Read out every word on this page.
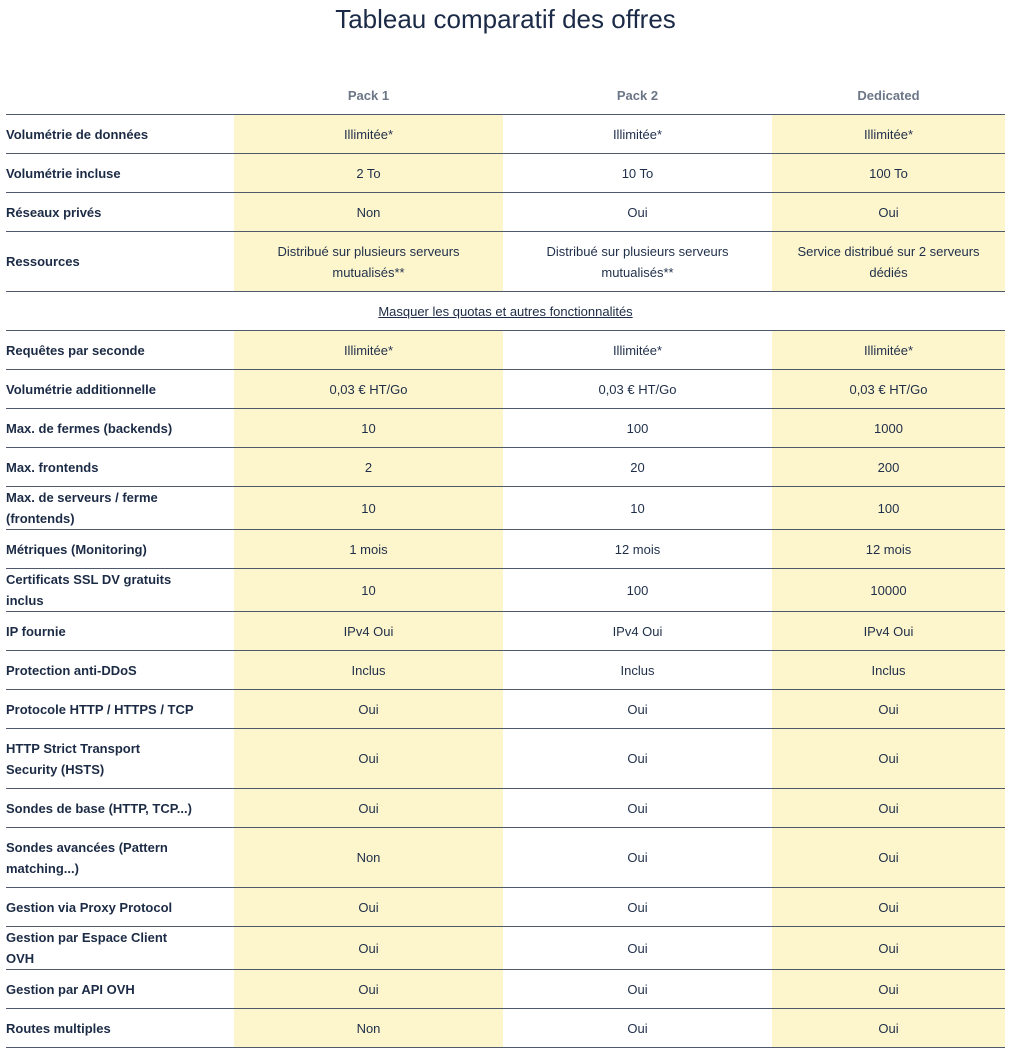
Tableau comparatif des offres
	Pack 1	Pack 2	Dedicated
Volumétrie de données	Illimitée*	Illimitée*	Illimitée*
Volumétrie incluse	2 To	10 To	100 To
Réseaux privés	Non	Oui	Oui
Ressources	Distribué sur plusieurs serveurs mutualisés**	Distribué sur plusieurs serveurs mutualisés**	Service distribué sur 2 serveurs dédiés
Masquer les quotas et autres fonctionnalités			
Requêtes par seconde	Illimitée*	Illimitée*	Illimitée*
Volumétrie additionnelle	0,03 € HT/Go	0,03 € HT/Go	0,03 € HT/Go
Max. de fermes (backends)	10	100	1000
Max. frontends	2	20	200
Max. de serveurs / ferme (frontends)	10	10	100
Métriques (Monitoring)	1 mois	12 mois	12 mois
Certificats SSL DV gratuits inclus	10	100	10000
IP fournie	IPv4 Oui	IPv4 Oui	IPv4 Oui
Protection anti-DDoS	Inclus	Inclus	Inclus
Protocole HTTP / HTTPS / TCP	Oui	Oui	Oui
HTTP Strict Transport Security (HSTS)	Oui	Oui	Oui
Sondes de base (HTTP, TCP...)	Oui	Oui	Oui
Sondes avancées (Pattern matching...)	Non	Oui	Oui
Gestion via Proxy Protocol	Oui	Oui	Oui
Gestion par Espace Client OVH	Oui	Oui	Oui
Gestion par API OVH	Oui	Oui	Oui
Routes multiples	Non	Oui	Oui
